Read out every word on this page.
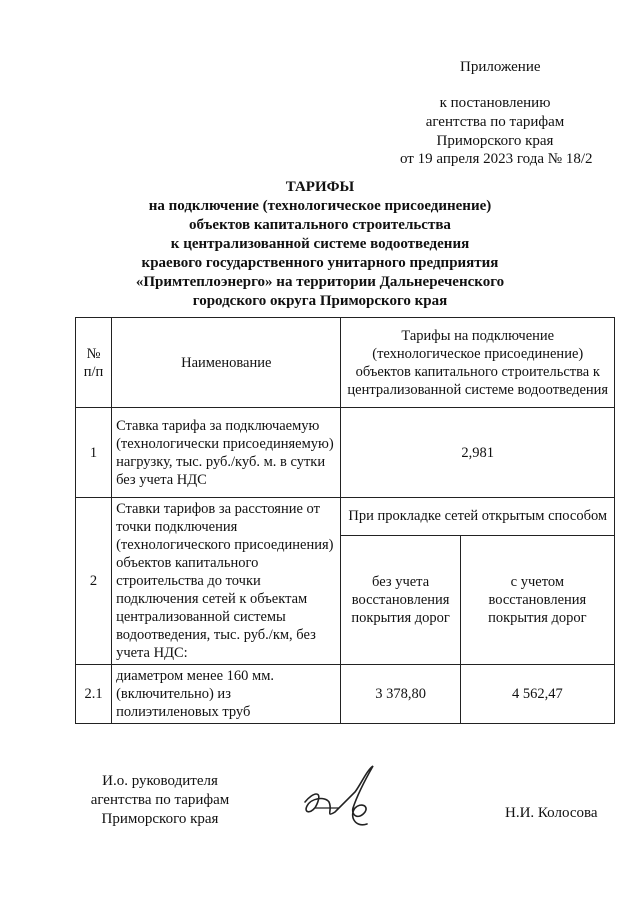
Приложение
к постановлению
агентства по тарифам
Приморского края
от 19 апреля 2023 года № 18/2
ТАРИФЫ
на подключение (технологическое присоединение)
объектов капитального строительства
к централизованной системе водоотведения
краевого государственного унитарного предприятия
«Примтеплоэнерго» на территории Дальнереченского
городского округа Приморского края
№ п/п	Наименование	Тарифы на подключение (технологическое присоединение) объектов капитального строительства к централизованной системе водоотведения	
1	Ставка тарифа за подключаемую (технологически присоединяемую) нагрузку, тыс. руб./куб. м. в сутки без учета НДС	2,981	
2	Ставки тарифов за расстояние от точки подключения (технологического присоединения) объектов капитального строительства до точки подключения сетей к объектам централизованной системы водоотведения, тыс. руб./км, без учета НДС:	При прокладке сетей открытым способом	
		без учета восстановления покрытия дорог	с учетом восстановления покрытия дорог
2.1	диаметром менее 160 мм. (включительно) из полиэтиленовых труб	3 378,80	4 562,47
И.о. руководителя
агентства по тарифам
Приморского края	Н.И. Колосова
